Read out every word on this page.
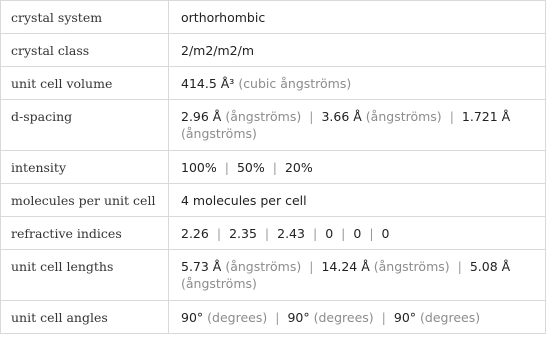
crystal system	orthorhombic
crystal class	2/m2/m2/m
unit cell volume	414.5 Å³ (cubic ångströms)
d-spacing	2.96 Å (ångströms) | 3.66 Å (ångströms) | 1.721 Å (ångströms)
intensity	100% | 50% | 20%
molecules per unit cell	4 molecules per cell
refractive indices	2.26 | 2.35 | 2.43 | 0 | 0 | 0
unit cell lengths	5.73 Å (ångströms) | 14.24 Å (ångströms) | 5.08 Å (ångströms)
unit cell angles	90° (degrees) | 90° (degrees) | 90° (degrees)
